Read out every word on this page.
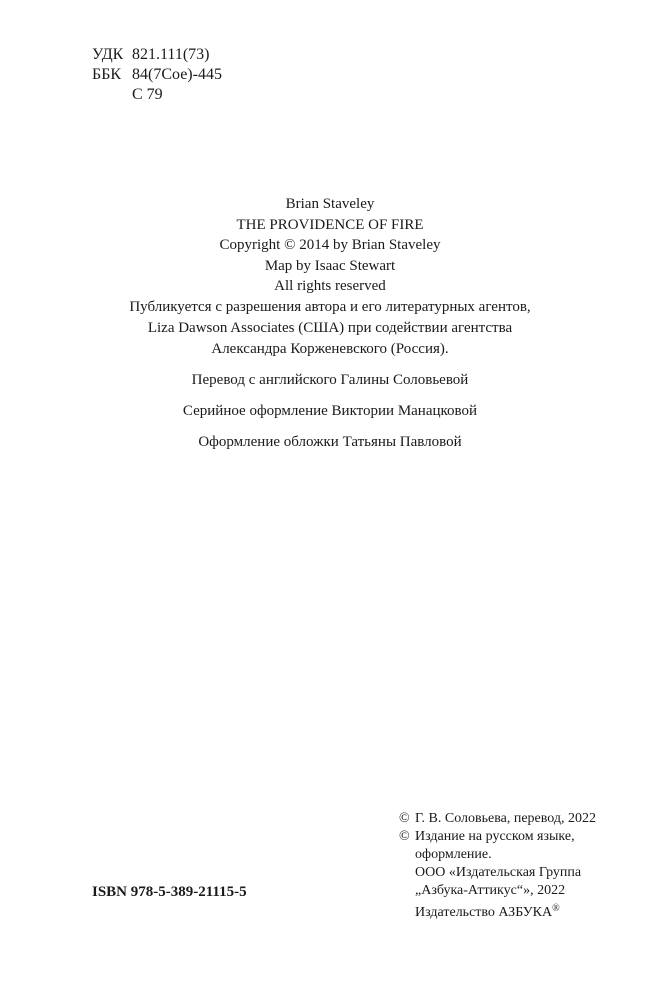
УДК 821.111(73)
ББК 84(7Сое)-445
С 79
Brian Staveley
THE PROVIDENCE OF FIRE
Copyright © 2014 by Brian Staveley
Map by Isaac Stewart
All rights reserved
Публикуется с разрешения автора и его литературных агентов,
Liza Dawson Associates (США) при содействии агентства
Александра Корженевского (Россия).
Перевод с английского Галины Соловьевой
Серийное оформление Виктории Манацковой
Оформление обложки Татьяны Павловой
ISBN 978-5-389-21115-5
© Г. В. Соловьева, перевод, 2022
© Издание на русском языке,
оформление.
ООО «Издательская Группа
„Азбука-Аттикус“», 2022
Издательство АЗБУКА®
